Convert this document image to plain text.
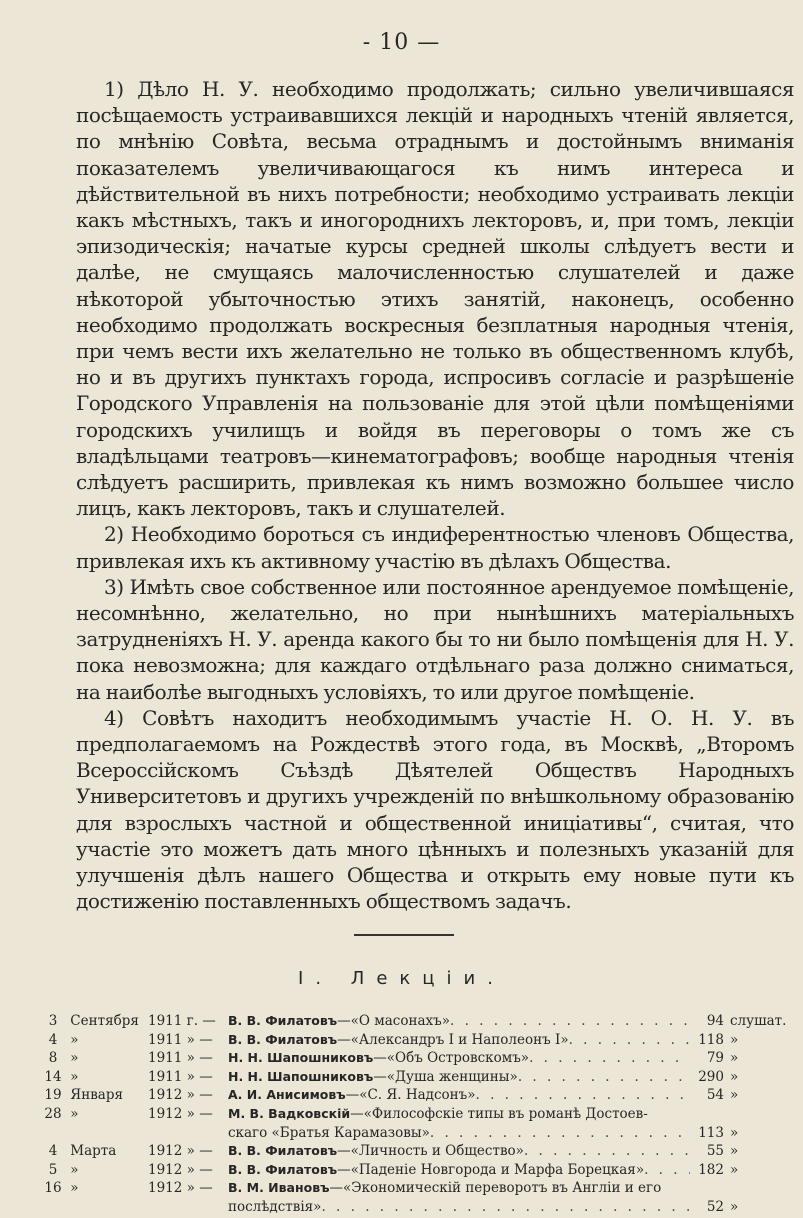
- 10 —

1) Дѣло Н. У. необходимо продолжать; сильно увеличившаяся посѣщаемость устраивавшихся лекцій и народныхъ чтеній является, по мнѣнію Совѣта, весьма отраднымъ и достойнымъ вниманія показателемъ увеличивающагося къ нимъ интереса и дѣйствительной въ нихъ потребности; необходимо устраивать лекціи какъ мѣстныхъ, такъ и иногороднихъ лекторовъ, и, при томъ, лекціи эпизодическія; начатые курсы средней школы слѣдуетъ вести и далѣе, не смущаясь малочисленностью слушателей и даже нѣкоторой убыточностью этихъ занятій, наконецъ, особенно необходимо продолжать воскресныя безплатныя народныя чтенія, при чемъ вести ихъ желательно не только въ общественномъ клубѣ, но и въ другихъ пунктахъ города, испросивъ согласіе и разрѣшеніе Городского Управленія на пользованіе для этой цѣли помѣщеніями городскихъ училищъ и войдя въ переговоры о томъ же съ владѣльцами театровъ—кинематографовъ; вообще народныя чтенія слѣдуетъ расширить, привлекая къ нимъ возможно большее число лицъ, какъ лекторовъ, такъ и слушателей.

2) Необходимо бороться съ индиферентностью членовъ Общества, привлекая ихъ къ активному участію въ дѣлахъ Общества.

3) Имѣть свое собственное или постоянное арендуемое помѣщеніе, несомнѣнно, желательно, но при нынѣшнихъ матеріальныхъ затрудненіяхъ Н. У. аренда какого бы то ни было помѣщенія для Н. У. пока невозможна; для каждаго отдѣльнаго раза должно сниматься, на наиболѣе выгодныхъ условіяхъ, то или другое помѣщеніе.

4) Совѣтъ находитъ необходимымъ участіе Н. О. Н. У. въ предполагаемомъ на Рождествѣ этого года, въ Москвѣ, „Второмъ Всероссійскомъ Съѣздѣ Дѣятелей Обществъ Народныхъ Университетовъ и другихъ учрежденій по внѣшкольному образованію для взрослыхъ частной и общественной иниціативы“, считая, что участіе это можетъ дать много цѣнныхъ и полезныхъ указаній для улучшенія дѣлъ нашего Общества и открыть ему новые пути къ достиженію поставленныхъ обществомъ задачъ.

I. Лекціи.
3 Сентября 1911 г. — В. В. Филатовъ—«О масонахъ» . . .	94 слушат.
4 »	1911 » —	В. В. Филатовъ—«Александръ I и Наполеонъ I» . . .	118 »
8 »	1911 » —	Н. Н. Шапошниковъ—«Объ Островскомъ» . . .	79 »
14 »	1911 » —	Н. Н. Шапошниковъ—«Душа женщины» . . .	290 »
19 Января	1912 » —	А. И. Анисимовъ—«С. Я. Надсонъ» . . .	54 »
28 »	1912 » —	М. В. Вадковскій—«Философскіе типы въ романѣ Достоев-
скаго «Братья Карамазовы» . . .	113 »
4 Марта	1912 » —	В. В. Филатовъ—«Личность и Общество» . . .	55 »
5 »	1912 » —	В. В. Филатовъ—«Паденіе Новгорода и Марфа Борецкая» . . .	182 »
16 »	1912 » —	В. М. Ивановъ—«Экономическій переворотъ въ Англіи и его
послѣдствія» . . .	52 »
